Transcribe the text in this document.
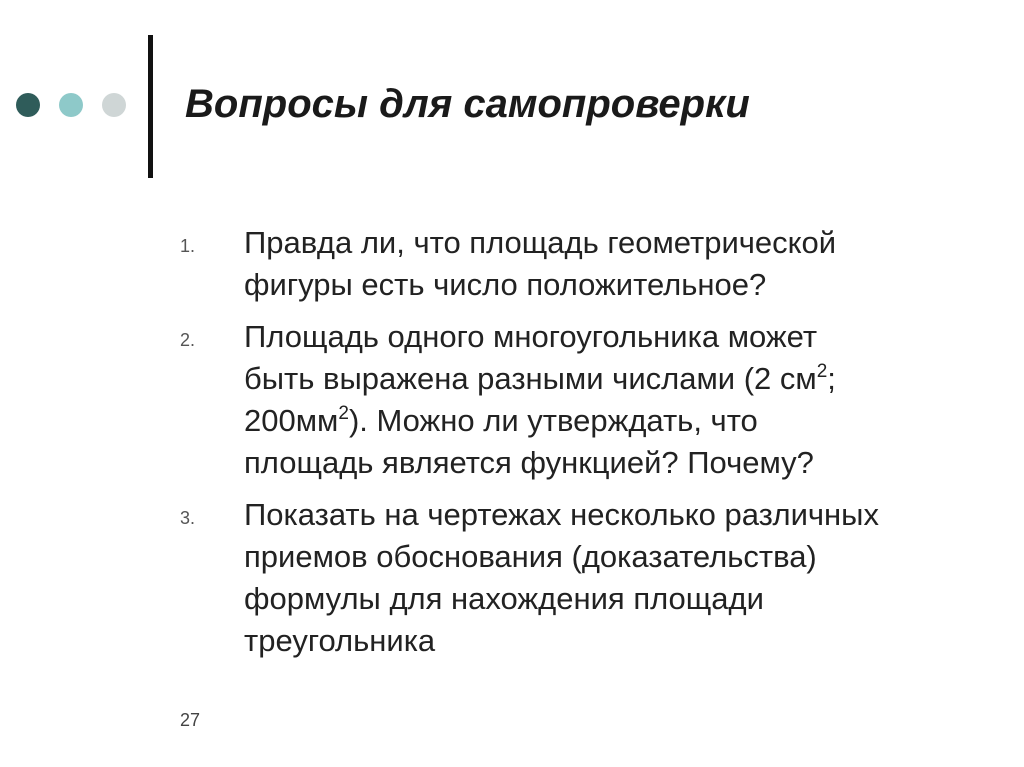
Вопросы для самопроверки
1. Правда ли, что площадь геометрической фигуры есть число положительное?
2. Площадь одного многоугольника может быть выражена разными числами (2 $см^2$; $200мм^2$). Можно ли утверждать, что площадь является функцией? Почему?
3. Показать на чертежах несколько различных приемов обоснования (доказательства) формулы для нахождения площади треугольника
27
